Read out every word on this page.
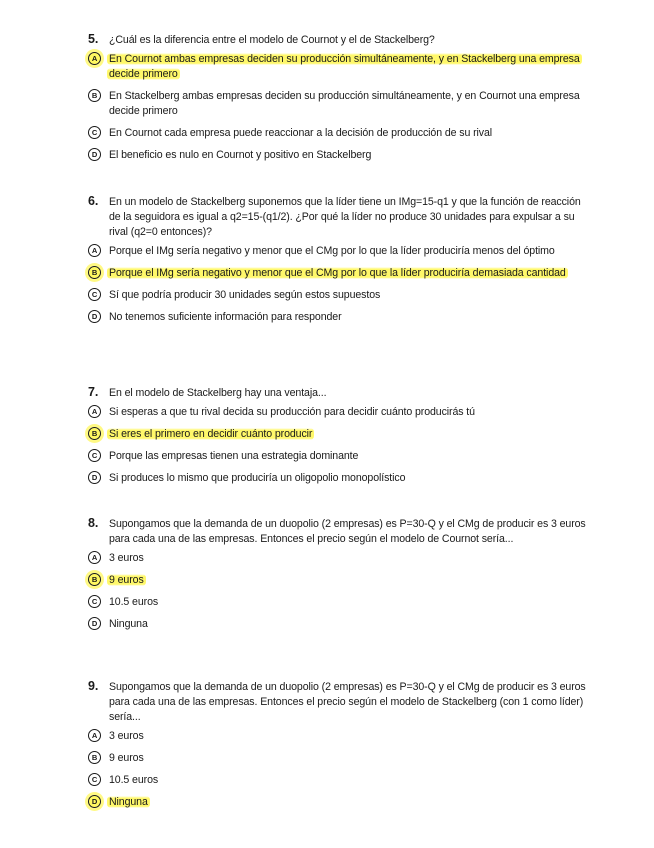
5. ¿Cuál es la diferencia entre el modelo de Cournot y el de Stackelberg?
A	En Cournot ambas empresas deciden su producción simultáneamente, y en Stackelberg una empresa decide primero
B	En Stackelberg ambas empresas deciden su producción simultáneamente, y en Cournot una empresa decide primero
C	En Cournot cada empresa puede reaccionar a la decisión de producción de su rival
D	El beneficio es nulo en Cournot y positivo en Stackelberg
6. En un modelo de Stackelberg suponemos que la líder tiene un IMg=15-q1 y que la función de reacción de la seguidora es igual a q2=15-(q1/2). ¿Por qué la líder no produce 30 unidades para expulsar a su rival (q2=0 entonces)?
A	Porque el IMg sería negativo y menor que el CMg por lo que la líder produciría menos del óptimo
B	Porque el IMg sería negativo y menor que el CMg por lo que la líder produciría demasiada cantidad
C	Sí que podría producir 30 unidades según estos supuestos
D	No tenemos suficiente información para responder
7. En el modelo de Stackelberg hay una ventaja...
A	Si esperas a que tu rival decida su producción para decidir cuánto producirás tú
B	Si eres el primero en decidir cuánto producir
C	Porque las empresas tienen una estrategia dominante
D	Si produces lo mismo que produciría un oligopolio monopolístico
8. Supongamos que la demanda de un duopolio (2 empresas) es P=30-Q y el CMg de producir es 3 euros para cada una de las empresas. Entonces el precio según el modelo de Cournot sería...
A	3 euros
B	9 euros
C	10.5 euros
D	Ninguna
9. Supongamos que la demanda de un duopolio (2 empresas) es P=30-Q y el CMg de producir es 3 euros para cada una de las empresas. Entonces el precio según el modelo de Stackelberg (con 1 como líder) sería...
A	3 euros
B	9 euros
C	10.5 euros
D	Ninguna
